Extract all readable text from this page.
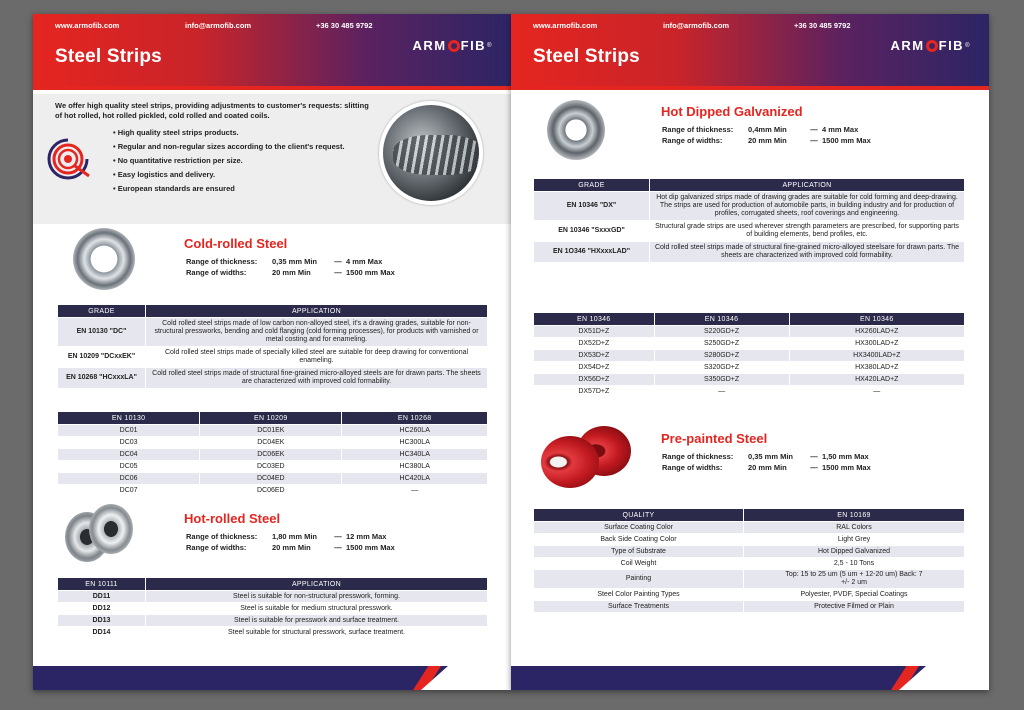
Steel Strips
ARM FIB ®
We offer high quality steel strips, providing adjustments to customer's requests: slitting of hot rolled, hot rolled pickled, cold rolled and coated coils.
• High quality steel strips products.
• Regular and non-regular sizes according to the client's request.
• No quantitative restriction per size.
• Easy logistics and delivery.
• European standards are ensured
Cold-rolled Steel
Range of thickness: 0,35 mm Min — 4 mm Max
Range of widths:	20 mm Min	— 1500 mm Max
GRADE	APPLICATION
EN 10130 "DC"	Cold rolled steel strips made of low carbon non-alloyed steel, it's a drawing grades, suitable for non-structural pressworks, bending and cold flanging (cold forming processes), for products with varnished or metal costing and for enameling.
EN 10209 "DCxxEK"	Cold rolled steel strips made of specially killed steel are suitable for deep drawing for conventional enameling.
EN 10268 "HCxxxLA"	Cold rolled steel strips made of structural fine-grained micro-alloyed steels are for drawn parts. The sheets are characterized with improved cold formability.
EN 10130	EN 10209	EN 10268
DC01	DC01EK	HC260LA
DC03	DC04EK	HC300LA
DC04	DC06EK	HC340LA
DC05	DC03ED	HC380LA
DC06	DC04ED	HC420LA
DC07	DC06ED	—
Hot-rolled Steel
Range of thickness: 1,80 mm Min — 12 mm Max
Range of widths:	20 mm Min	— 1500 mm Max
EN 10111	APPLICATION
DD11	Steel is suitable for non-structural presswork, forming.
DD12	Steel is suitable for medium structural presswork.
DD13	Steel is suitable for presswork and surface treatment.
DD14	Steel suitable for structural presswork, surface treatment.
www.armofib.com	info@armofib.com	+36 30 485 9792
Steel Strips
ARM FIB ®
Hot Dipped Galvanized
Range of thickness: 0,4mm Min	— 4 mm Max
Range of widths:	20 mm Min	— 1500 mm Max
GRADE	APPLICATION
EN 10346 "DX"	Hot dip galvanized strips made of drawing grades are suitable for cold forming and deep-drawing. The strips are used for production of automobile parts, in building industry and for production of profiles, corrugated sheets, roof coverings and engineering.
EN 10346 "SxxxGD"	Structural grade strips are used wherever strength parameters are prescribed, for supporting parts of building elements, bend profiles, etc.
EN 1O346 "HXxxxLAD"	Cold rolled steel strips made of structural fine-grained micro-alloyed steelsare for drawn parts. The sheets are characterized with improved cold formability.
EN 10346	EN 10346	EN 10346
DX51D+Z	S220GD+Z	HX260LAD+Z
DX52D+Z	S250GD+Z	HX300LAD+Z
DX53D+Z	S280GD+Z	HX3400LAD+Z
DX54D+Z	S320GD+Z	HX380LAD+Z
DX56D+Z	S350GD+Z	HX420LAD+Z
DX57D+Z	—	—
Pre-painted Steel
Range of thickness: 0,35 mm Min — 1,50 mm Max
Range of widths:	20 mm Min	— 1500 mm Max
QUALITY	EN 10169
Surface Coating Color	RAL Colors
Back Side Coating Color	Light Grey
Type of Substrate	Hot Dipped Galvanized
Coil Weight	2,5 - 10 Tons
Painting	Top: 15 to 25 um (5 um + 12-20 um) Back: 7 +/- 2 um
Steel Color Painting Types	Polyester, PVDF, Special Coatings
Surface Treatments	Protective Filmed or Plain
www.armofib.com	info@armofib.com	+36 30 485 9792
